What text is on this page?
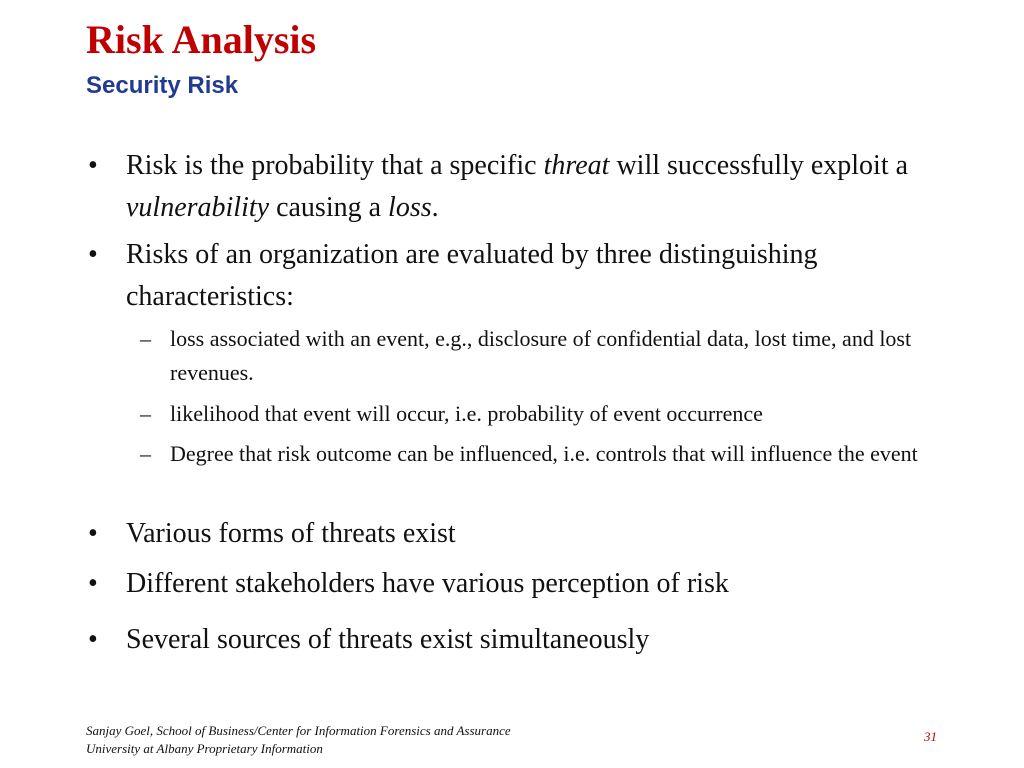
Risk Analysis
Security Risk
•	Risk is the probability that a specific threat will successfully exploit a vulnerability causing a loss.
•	Risks of an organization are evaluated by three distinguishing characteristics:
– loss associated with an event, e.g., disclosure of confidential data, lost time, and lost revenues.
– likelihood that event will occur, i.e. probability of event occurrence
– Degree that risk outcome can be influenced, i.e. controls that will influence the event
•	Various forms of threats exist
•	Different stakeholders have various perception of risk
•	Several sources of threats exist simultaneously
Sanjay Goel, School of Business/Center for Information Forensics and Assurance
University at Albany Proprietary Information
31
